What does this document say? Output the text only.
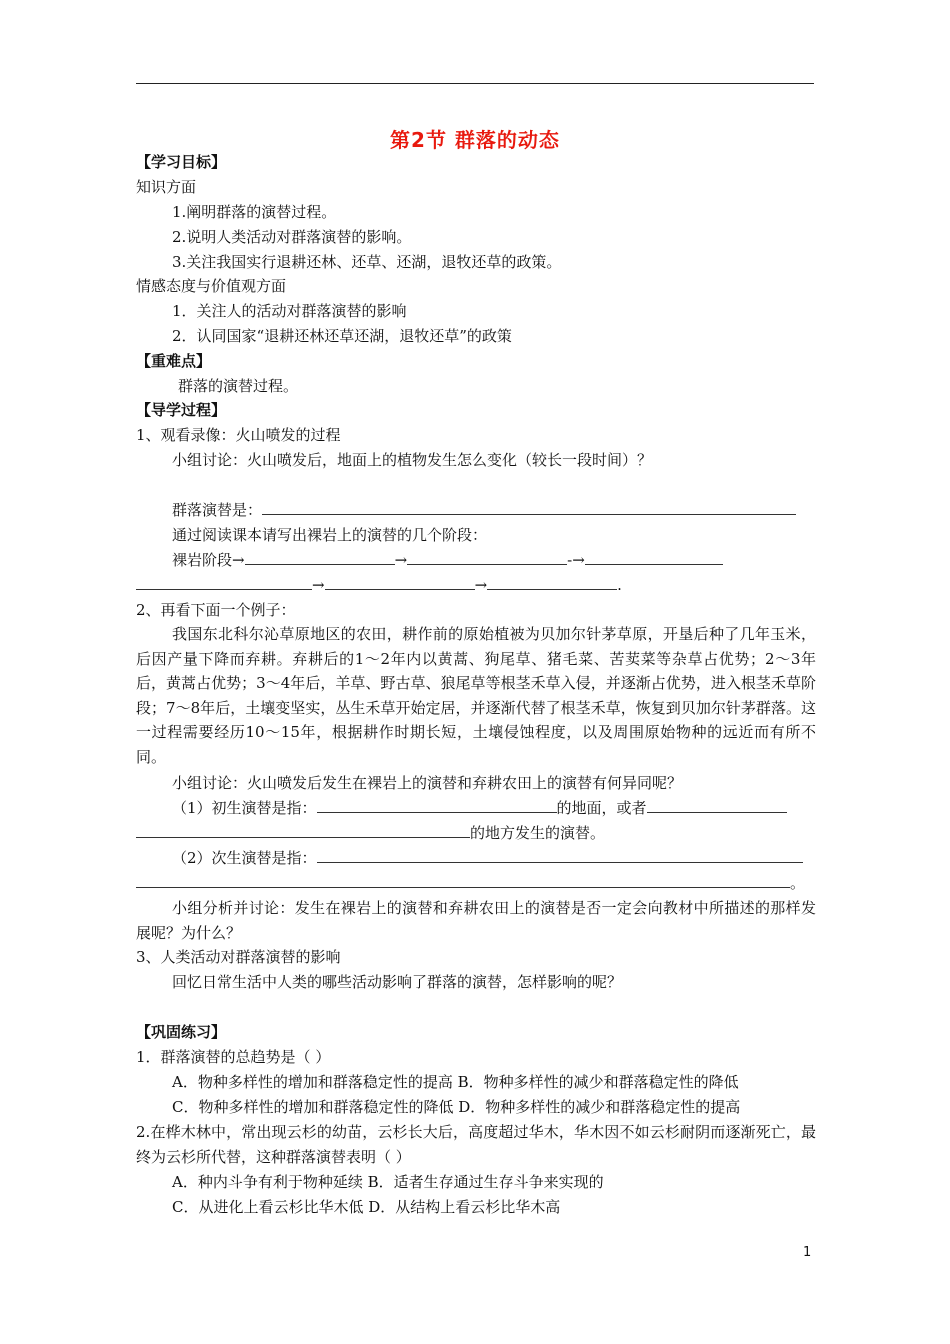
第2节 群落的动态
【学习目标】
知识方面
1.阐明群落的演替过程。
2.说明人类活动对群落演替的影响。
3.关注我国实行退耕还林、还草、还湖，退牧还草的政策。
情感态度与价值观方面
1．关注人的活动对群落演替的影响
2．认同国家“退耕还林还草还湖，退牧还草”的政策
【重难点】
群落的演替过程。
【导学过程】
1、观看录像：火山喷发的过程
小组讨论：火山喷发后，地面上的植物发生怎么变化（较长一段时间）？
群落演替是：
通过阅读课本请写出裸岩上的演替的几个阶段：
裸岩阶段→	→	-→
→	→	.
2、再看下面一个例子：
我国东北科尔沁草原地区的农田，耕作前的原始植被为贝加尔针茅草原，开垦后种了几年玉米，后因产量下降而弃耕。弃耕后的1～2年内以黄蒿、狗尾草、猪毛菜、苦荬菜等杂草占优势；2～3年后，黄蒿占优势；3～4年后，羊草、野古草、狼尾草等根茎禾草入侵，并逐渐占优势，进入根茎禾草阶段；7～8年后，土壤变坚实，丛生禾草开始定居，并逐渐代替了根茎禾草，恢复到贝加尔针茅群落。这一过程需要经历10～15年，根据耕作时期长短，土壤侵蚀程度，以及周围原始物种的远近而有所不同。
小组讨论：火山喷发后发生在裸岩上的演替和弃耕农田上的演替有何异同呢？
（1）初生演替是指：	的地面，或者
的地方发生的演替。
（2）次生演替是指：
。
小组分析并讨论：发生在裸岩上的演替和弃耕农田上的演替是否一定会向教材中所描述的那样发展呢？为什么？
3、人类活动对群落演替的影响
回忆日常生活中人类的哪些活动影响了群落的演替，怎样影响的呢？
【巩固练习】
1．群落演替的总趋势是（ ）
A．物种多样性的增加和群落稳定性的提高 B．物种多样性的减少和群落稳定性的降低
C．物种多样性的增加和群落稳定性的降低 D．物种多样性的减少和群落稳定性的提高
2.在桦木林中，常出现云杉的幼苗，云杉长大后，高度超过华木，华木因不如云杉耐阴而逐渐死亡，最终为云杉所代替，这种群落演替表明（ ）
A．种内斗争有利于物种延续 B．适者生存通过生存斗争来实现的
C．从进化上看云杉比华木低 D．从结构上看云杉比华木高
1
